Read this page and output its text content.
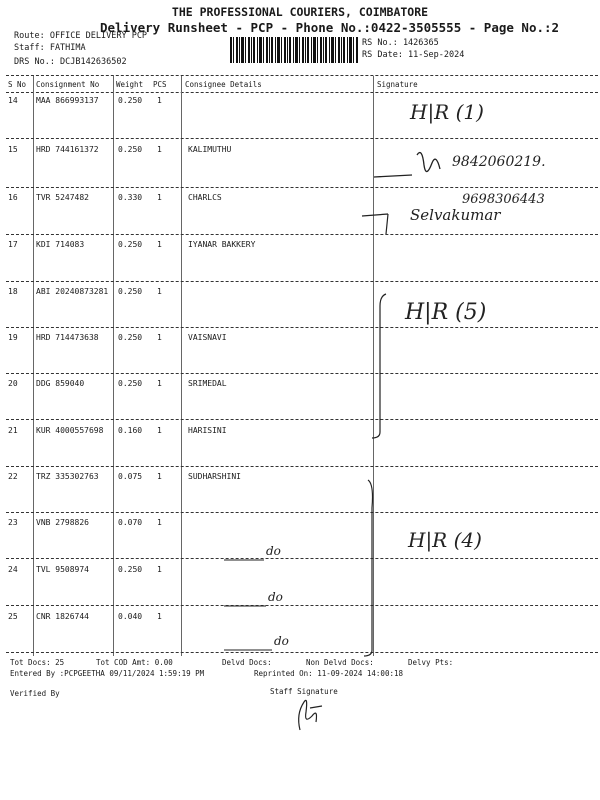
THE PROFESSIONAL COURIERS, COIMBATORE
Delivery Runsheet - PCP - Phone No.:0422-3505555 - Page No.:2
Route: OFFICE DELIVERY PCP
Staff: FATHIMA
DRS No.: DCJB142636502
RS No.: 1426365
RS Date: 11-Sep-2024
S No Consignment No Weight PCS Consignee Details	Signature
14 MAA 866993137 0.250 1
15 HRD 744161372 0.250 1	KALIMUTHU
16 TVR 5247482	0.330 1	CHARLCS
17 KDI 714083	0.250 1	IYANAR BAKKERY
18 ABI 20240873281 0.250 1
19 HRD 714473638 0.250 1	VAISNAVI
20 DDG 859040	0.250 1	SRIMEDAL
21 KUR 4000557698 0.160 1	HARISINI
22 TRZ 335302763 0.075 1	SUDHARSHINI
23 VNB 2798826	0.070 1
24 TVL 9508974	0.250 1
25 CNR 1826744	0.040 1
H|R (1)
9842060219.
9698306443
Selvakumar
H|R (5)
H|R (4)
do
do
do
Tot Docs: 25	Tot COD Amt: 0.00	Delvd Docs:	Non Delvd Docs:	Delvy Pts:
Entered By :PCPGEETHA 09/11/2024 1:59:19 PM	Reprinted On: 11-09-2024 14:00:18
Verified By	Staff Signature
